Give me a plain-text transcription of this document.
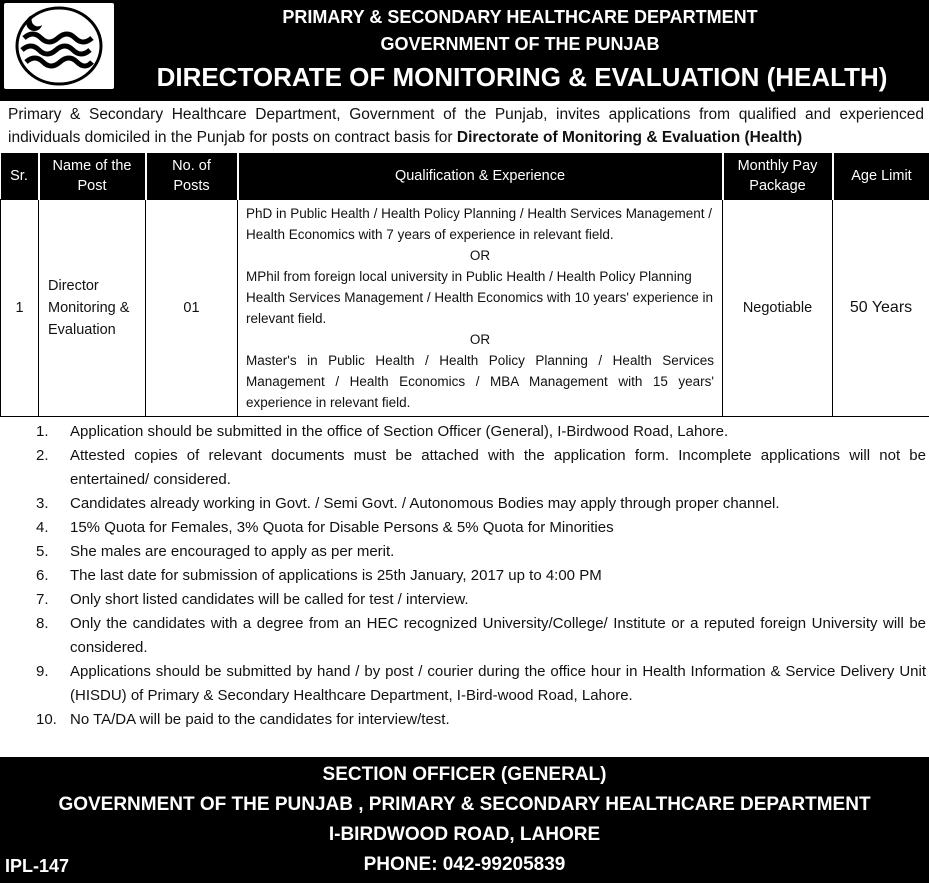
PRIMARY & SECONDARY HEALTHCARE DEPARTMENT
GOVERNMENT OF THE PUNJAB
DIRECTORATE OF MONITORING & EVALUATION (HEALTH)

Primary & Secondary Healthcare Department, Government of the Punjab, invites applications from qualified and experienced individuals domiciled in the Punjab for posts on contract basis for Directorate of Monitoring & Evaluation (Health)

Sr.	Name of the Post	No. of Posts	Qualification & Experience	Monthly Pay Package	Age Limit
1	Director Monitoring & Evaluation	01	PhD in Public Health / Health Policy Planning / Health Services Management / Health Economics with 7 years of experience in relevant field.
OR
MPhil from foreign local university in Public Health / Health Policy Planning Health Services Management / Health Economics with 10 years' experience in relevant field.
OR
Master's in Public Health / Health Policy Planning / Health Services Management / Health Economics / MBA Management with 15 years' experience in relevant field.	Negotiable	50 Years
1.	Application should be submitted in the office of Section Officer (General), I-Birdwood Road, Lahore.
2.	Attested copies of relevant documents must be attached with the application form. Incomplete applications will not be entertained/ considered.
3.	Candidates already working in Govt. / Semi Govt. / Autonomous Bodies may apply through proper channel.
4.	15% Quota for Females, 3% Quota for Disable Persons & 5% Quota for Minorities
5.	She males are encouraged to apply as per merit.
6.	The last date for submission of applications is 25th January, 2017 up to 4:00 PM
7.	Only short listed candidates will be called for test / interview.
8.	Only the candidates with a degree from an HEC recognized University/College/ Institute or a reputed foreign University will be considered.
9.	Applications should be submitted by hand / by post / courier during the office hour in Health Information & Service Delivery Unit (HISDU) of Primary & Secondary Healthcare Department, I-Bird-wood Road, Lahore.
10. No TA/DA will be paid to the candidates for interview/test.
SECTION OFFICER (GENERAL)
GOVERNMENT OF THE PUNJAB , PRIMARY & SECONDARY HEALTHCARE DEPARTMENT
I-BIRDWOOD ROAD, LAHORE
PHONE: 042-99205839
IPL-147
